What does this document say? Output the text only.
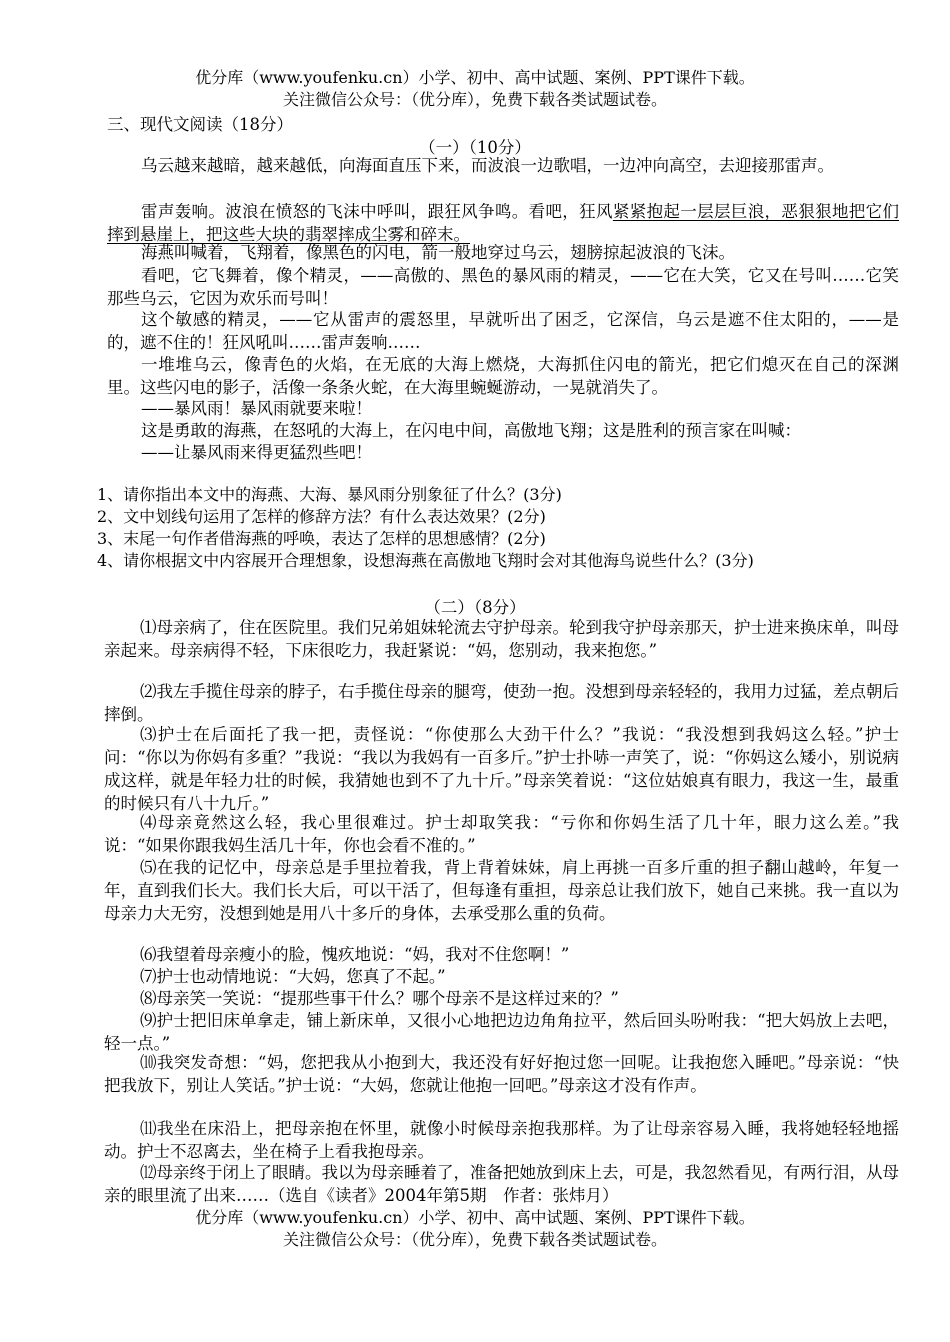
优分库（www.youfenku.cn）小学、初中、高中试题、案例、PPT课件下载。
关注微信公众号：（优分库），免费下载各类试题试卷。
三、现代文阅读（18分）
（一）（10分）
乌云越来越暗，越来越低，向海面直压下来，而波浪一边歌唱，一边冲向高空，去迎接那雷声。
雷声轰响。波浪在愤怒的飞沫中呼叫，跟狂风争鸣。看吧，狂风紧紧抱起一层层巨浪，恶狠狠地把它们摔到悬崖上，把这些大块的翡翠摔成尘雾和碎末。
海燕叫喊着，飞翔着，像黑色的闪电，箭一般地穿过乌云，翅膀掠起波浪的飞沫。
看吧，它飞舞着，像个精灵，——高傲的、黑色的暴风雨的精灵，——它在大笑，它又在号叫……它笑那些乌云，它因为欢乐而号叫！
这个敏感的精灵，——它从雷声的震怒里，早就听出了困乏，它深信，乌云是遮不住太阳的，——是的，遮不住的！狂风吼叫……雷声轰响……
一堆堆乌云，像青色的火焰，在无底的大海上燃烧，大海抓住闪电的箭光，把它们熄灭在自己的深渊里。这些闪电的影子，活像一条条火蛇，在大海里蜿蜒游动，一晃就消失了。
——暴风雨！暴风雨就要来啦！
这是勇敢的海燕，在怒吼的大海上，在闪电中间，高傲地飞翔；这是胜利的预言家在叫喊：
——让暴风雨来得更猛烈些吧！
1、请你指出本文中的海燕、大海、暴风雨分别象征了什么？(3分)
2、文中划线句运用了怎样的修辞方法？有什么表达效果？(2分)
3、末尾一句作者借海燕的呼唤，表达了怎样的思想感情？(2分)
4、请你根据文中内容展开合理想象，设想海燕在高傲地飞翔时会对其他海鸟说些什么？(3分)
（二）（8分）
⑴母亲病了，住在医院里。我们兄弟姐妹轮流去守护母亲。轮到我守护母亲那天，护士进来换床单，叫母亲起来。母亲病得不轻，下床很吃力，我赶紧说：“妈，您别动，我来抱您。”
⑵我左手揽住母亲的脖子，右手揽住母亲的腿弯，使劲一抱。没想到母亲轻轻的，我用力过猛，差点朝后摔倒。
⑶护士在后面托了我一把，责怪说：“你使那么大劲干什么？”我说：“我没想到我妈这么轻。”护士问：“你以为你妈有多重？”我说：“我以为我妈有一百多斤。”护士扑哧一声笑了，说：“你妈这么矮小，别说病成这样，就是年轻力壮的时候，我猜她也到不了九十斤。”母亲笑着说：“这位姑娘真有眼力，我这一生，最重的时候只有八十九斤。”
⑷母亲竟然这么轻，我心里很难过。护士却取笑我：“亏你和你妈生活了几十年，眼力这么差。”我说：“如果你跟我妈生活几十年，你也会看不准的。”
⑸在我的记忆中，母亲总是手里拉着我，背上背着妹妹，肩上再挑一百多斤重的担子翻山越岭，年复一年，直到我们长大。我们长大后，可以干活了，但每逢有重担，母亲总让我们放下，她自己来挑。我一直以为母亲力大无穷，没想到她是用八十多斤的身体，去承受那么重的负荷。
⑹我望着母亲瘦小的脸，愧疚地说：“妈，我对不住您啊！”
⑺护士也动情地说：“大妈，您真了不起。”
⑻母亲笑一笑说：“提那些事干什么？哪个母亲不是这样过来的？”
⑼护士把旧床单拿走，铺上新床单，又很小心地把边边角角拉平，然后回头吩咐我：“把大妈放上去吧，轻一点。”
⑽我突发奇想：“妈，您把我从小抱到大，我还没有好好抱过您一回呢。让我抱您入睡吧。”母亲说：“快把我放下，别让人笑话。”护士说：“大妈，您就让他抱一回吧。”母亲这才没有作声。
⑾我坐在床沿上，把母亲抱在怀里，就像小时候母亲抱我那样。为了让母亲容易入睡，我将她轻轻地摇动。护士不忍离去，坐在椅子上看我抱母亲。
⑿母亲终于闭上了眼睛。我以为母亲睡着了，准备把她放到床上去，可是，我忽然看见，有两行泪，从母亲的眼里流了出来……（选自《读者》2004年第5期　作者：张炜月）
优分库（www.youfenku.cn）小学、初中、高中试题、案例、PPT课件下载。
关注微信公众号：（优分库），免费下载各类试题试卷。
